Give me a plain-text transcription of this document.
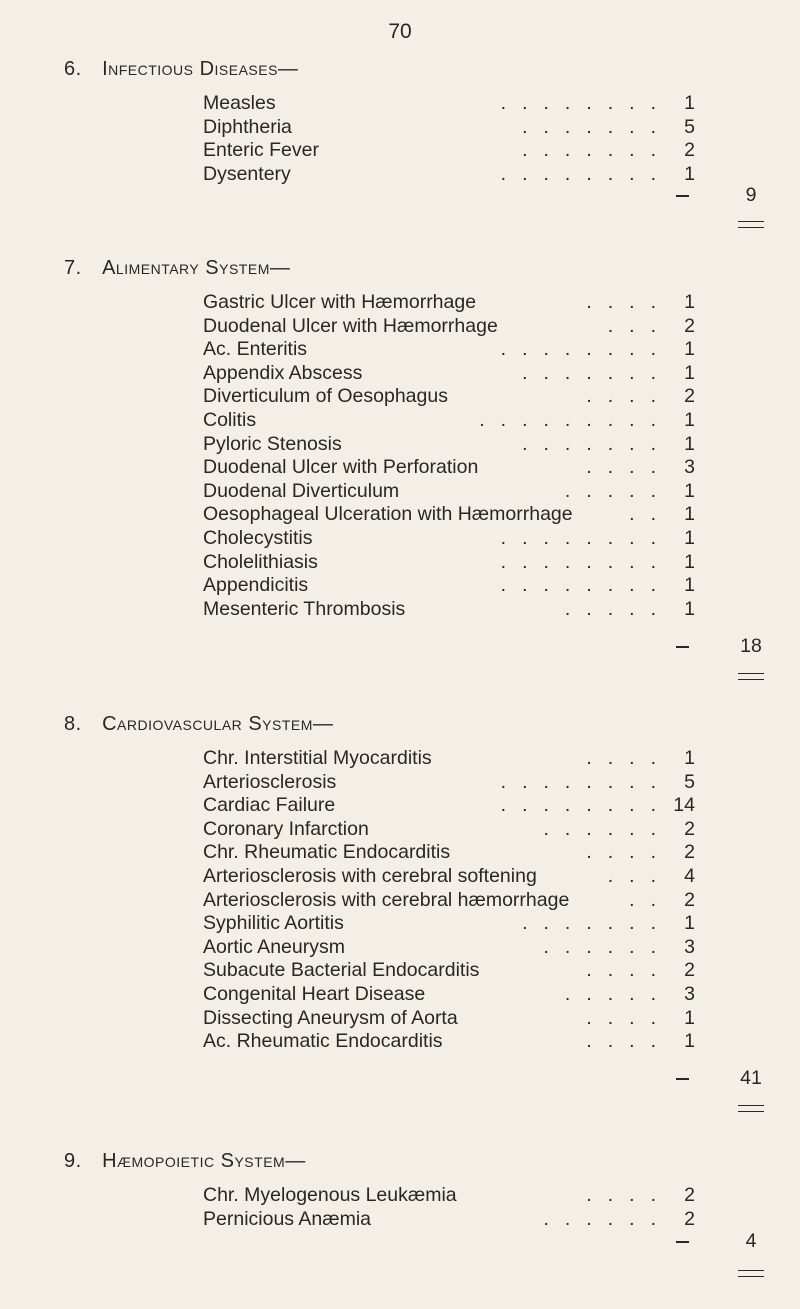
70
6. Infectious Diseases—
Measles	........ 1
Diphtheria	....... 5
Enteric Fever	....... 2
Dysentery	........ 1
9
7. Alimentary System—
Gastric Ulcer with Hæmorrhage	.... 1
Duodenal Ulcer with Hæmorrhage	... 2
Ac. Enteritis	........ 1
Appendix Abscess	....... 1
Diverticulum of Oesophagus	.... 2
Colitis	......... 1
Pyloric Stenosis	....... 1
Duodenal Ulcer with Perforation	.... 3
Duodenal Diverticulum	..... 1
Oesophageal Ulceration with Hæmorrhage	.. 1
Cholecystitis	........ 1
Cholelithiasis	........ 1
Appendicitis	........ 1
Mesenteric Thrombosis	..... 1
18
8. Cardiovascular System—
Chr. Interstitial Myocarditis	.... 1
Arteriosclerosis	........ 5
Cardiac Failure	........ 14
Coronary Infarction	...... 2
Chr. Rheumatic Endocarditis	.... 2
Arteriosclerosis with cerebral softening	... 4
Arteriosclerosis with cerebral hæmorrhage	.. 2
Syphilitic Aortitis	....... 1
Aortic Aneurysm	...... 3
Subacute Bacterial Endocarditis	.... 2
Congenital Heart Disease	..... 3
Dissecting Aneurysm of Aorta	.... 1
Ac. Rheumatic Endocarditis	.... 1
41
9. Hæmopoietic System—
Chr. Myelogenous Leukæmia	.... 2
Pernicious Anæmia	...... 2
4
